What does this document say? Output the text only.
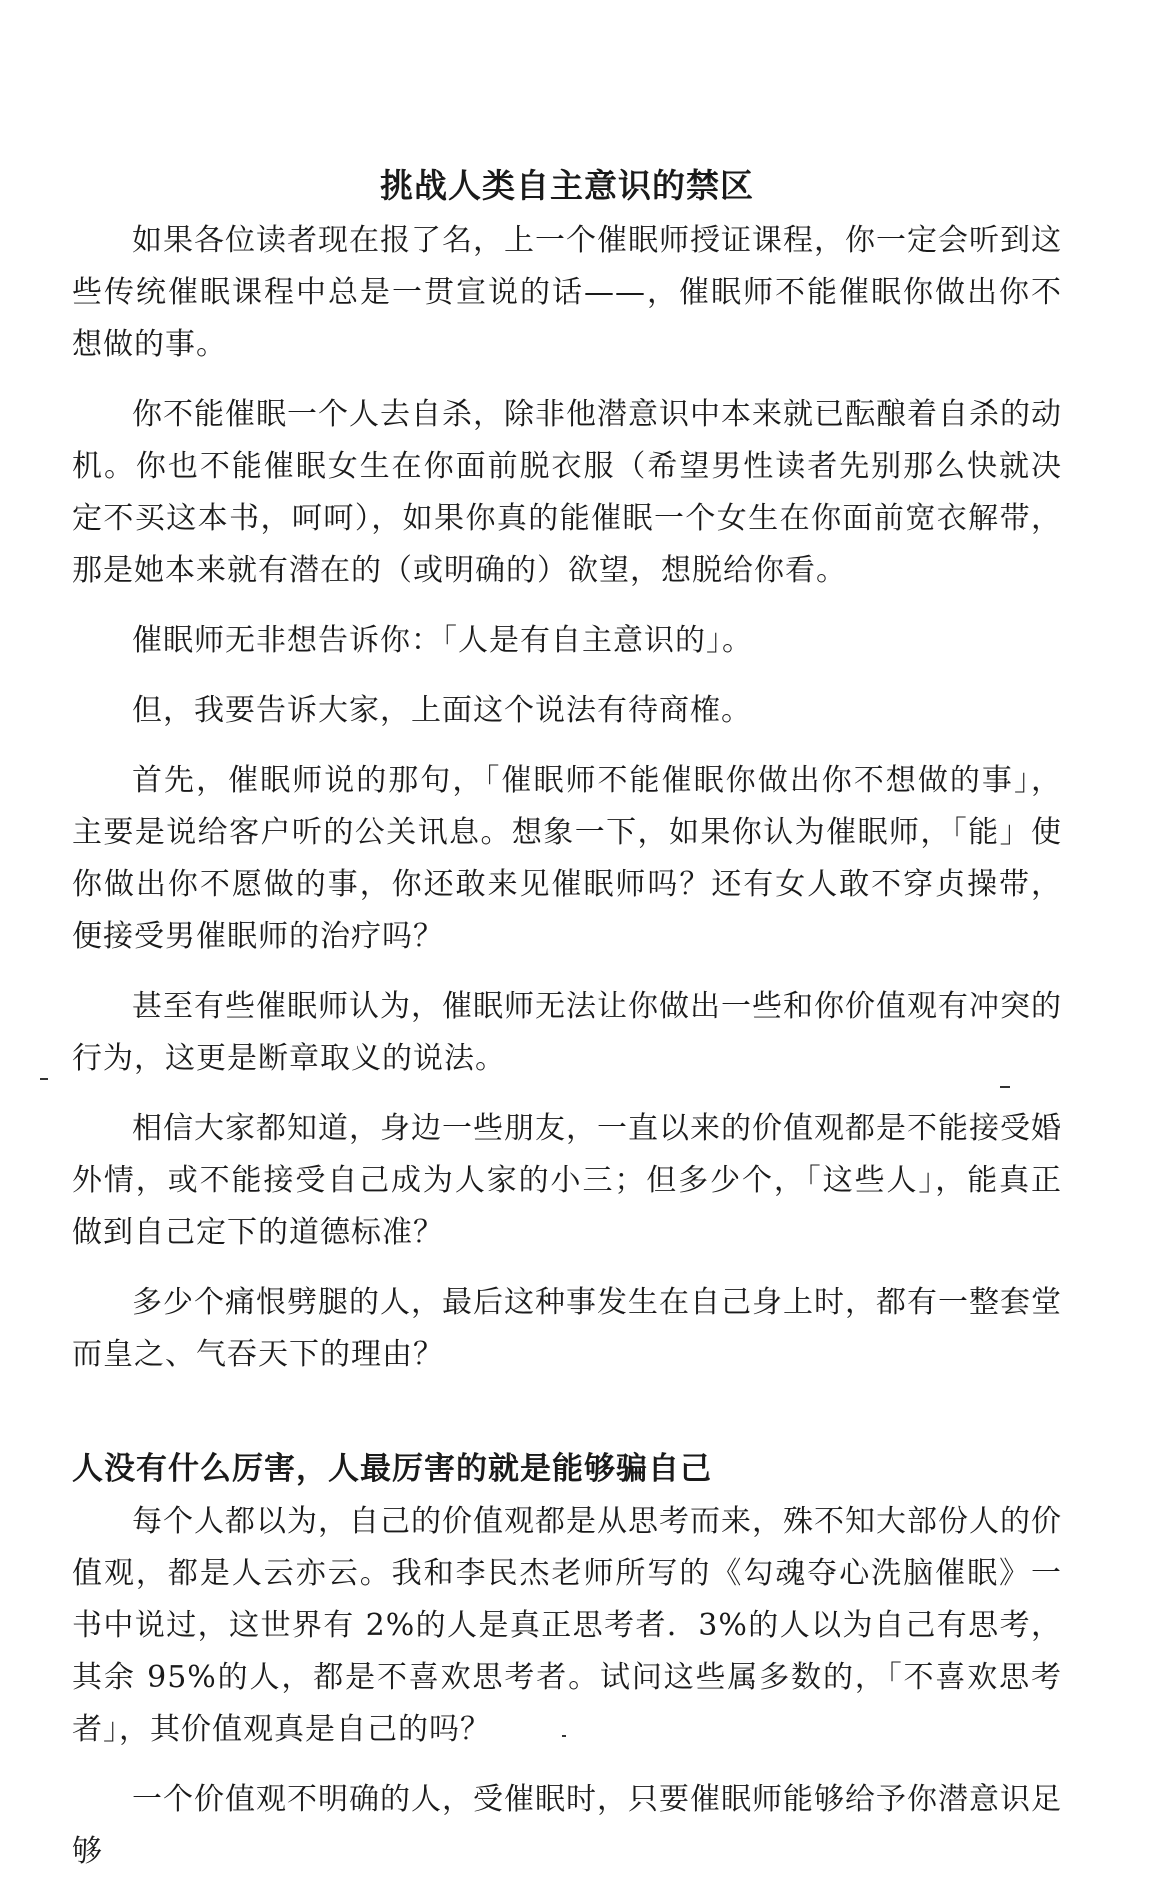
挑战人类自主意识的禁区

如果各位读者现在报了名，上一个催眠师授证课程，你一定会听到这些传统催眠课程中总是一贯宣说的话——，催眠师不能催眠你做出你不想做的事。

你不能催眠一个人去自杀，除非他潜意识中本来就已酝酿着自杀的动机。你也不能催眠女生在你面前脱衣服（希望男性读者先别那么快就决定不买这本书，呵呵），如果你真的能催眠一个女生在你面前宽衣解带，那是她本来就有潜在的（或明确的）欲望，想脱给你看。

催眠师无非想告诉你：「人是有自主意识的」。

但，我要告诉大家，上面这个说法有待商榷。

首先，催眠师说的那句，「催眠师不能催眠你做出你不想做的事」，主要是说给客户听的公关讯息。想象一下，如果你认为催眠师，「能」使你做出你不愿做的事，你还敢来见催眠师吗？还有女人敢不穿贞操带，便接受男催眠师的治疗吗？

甚至有些催眠师认为，催眠师无法让你做出一些和你价值观有冲突的行为，这更是断章取义的说法。

相信大家都知道，身边一些朋友，一直以来的价值观都是不能接受婚外情，或不能接受自己成为人家的小三；但多少个，「这些人」，能真正做到自己定下的道德标准？

多少个痛恨劈腿的人，最后这种事发生在自己身上时，都有一整套堂而皇之、气吞天下的理由？

人没有什么厉害，人最厉害的就是能够骗自己

每个人都以为，自己的价值观都是从思考而来，殊不知大部份人的价值观，都是人云亦云。我和李民杰老师所写的《勾魂夺心洗脑催眠》一书中说过，这世界有 2%的人是真正思考者．3%的人以为自己有思考，其余 95%的人，都是不喜欢思考者。试问这些属多数的，「不喜欢思考者」，其价值观真是自己的吗？

一个价值观不明确的人，受催眠时，只要催眠师能够给予你潜意识足够
